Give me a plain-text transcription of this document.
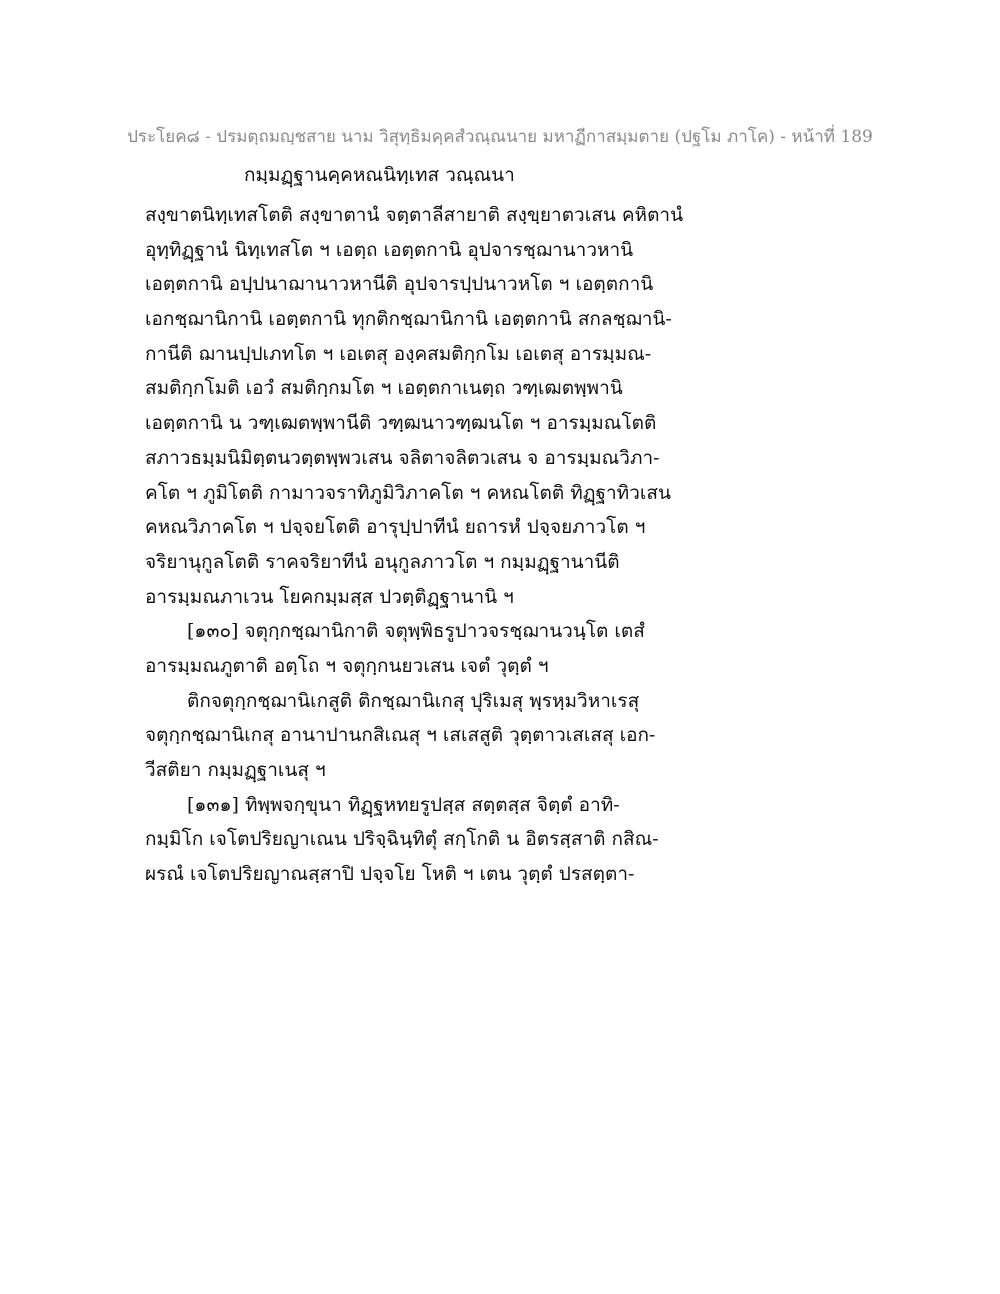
ประโยค๘ - ปรมตฺถมญฺชสาย นาม วิสุทฺธิมคฺคสํวณฺณนาย มหาฏีกาสมฺมตาย (ปฐโม ภาโค) - หน้าที่ 189
กมฺมฏฺฐานคฺคหณนิทฺเทส วณฺณนา
สงฺขาตนิทฺเทสโตติ สงฺขาตานํ จตฺตาลีสายาติ สงฺขฺยาตวเสน คหิตานํ
อุทฺทิฏฺฐานํ นิทฺเทสโต ฯ เอตฺถ เอตฺตกานิ อุปจารชฺฌานาวหานิ
เอตฺตกานิ อปฺปนาฌานาวหานีติ อุปจารปฺปนาวหโต ฯ เอตฺตกานิ
เอกชฺฌานิกานิ เอตฺตกานิ ทุกติกชฺฌานิกานิ เอตฺตกานิ สกลชฺฌานิ-
กานีติ ฌานปฺปเภทโต ฯ เอเตสุ องฺคสมติกฺกโม เอเตสุ อารมฺมณ-
สมติกฺกโมติ เอวํ สมติกฺกมโต ฯ เอตฺตกาเนตฺถ วฑฺเฒตพฺพานิ
เอตฺตกานิ น วฑฺเฒตพฺพานีติ วฑฺฒนาวฑฺฒนโต ฯ อารมฺมณโตติ
สภาวธมฺมนิมิตฺตนวตฺตพฺพวเสน จลิตาจลิตวเสน จ อารมฺมณวิภา-
คโต ฯ ภูมิโตติ กามาวจราทิภูมิวิภาคโต ฯ คหณโตติ ทิฏฺฐาทิวเสน
คหณวิภาคโต ฯ ปจฺจยโตติ อารุปฺปาทีนํ ยถารหํ ปจฺจยภาวโต ฯ
จริยานุกูลโตติ ราคจริยาทีนํ อนุกูลภาวโต ฯ กมฺมฏฺฐานานีติ
อารมฺมณภาเวน โยคกมฺมสฺส ปวตฺติฏฺฐานานิ ฯ
[๑๓๐] จตุกฺกชฺฌานิกาติ จตุพฺพิธรูปาวจรชฺฌานวนฺโต เตสํ
อารมฺมณภูตาติ อตฺโถ ฯ จตุกฺกนยวเสน เจตํ วุตฺตํ ฯ
ติกจตุกฺกชฺฌานิเกสูติ ติกชฺฌานิเกสุ ปุริเมสุ พฺรหฺมวิหาเรสุ
จตุกฺกชฺฌานิเกสุ อานาปานกสิเณสุ ฯ เสเสสูติ วุตฺตาวเสเสสุ เอก-
วีสติยา กมฺมฏฺฐาเนสุ ฯ
[๑๓๑] ทิพฺพจกฺขุนา ทิฏฺฐหทยรูปสฺส สตฺตสฺส จิตฺตํ อาทิ-
กมฺมิโก เจโตปริยญาเณน ปริจฺฉินฺทิตุํ สกฺโกติ น อิตรสฺสาติ กสิณ-
ผรณํ เจโตปริยญาณสฺสาปิ ปจฺจโย โหติ ฯ เตน วุตฺตํ ปรสตฺตา-
